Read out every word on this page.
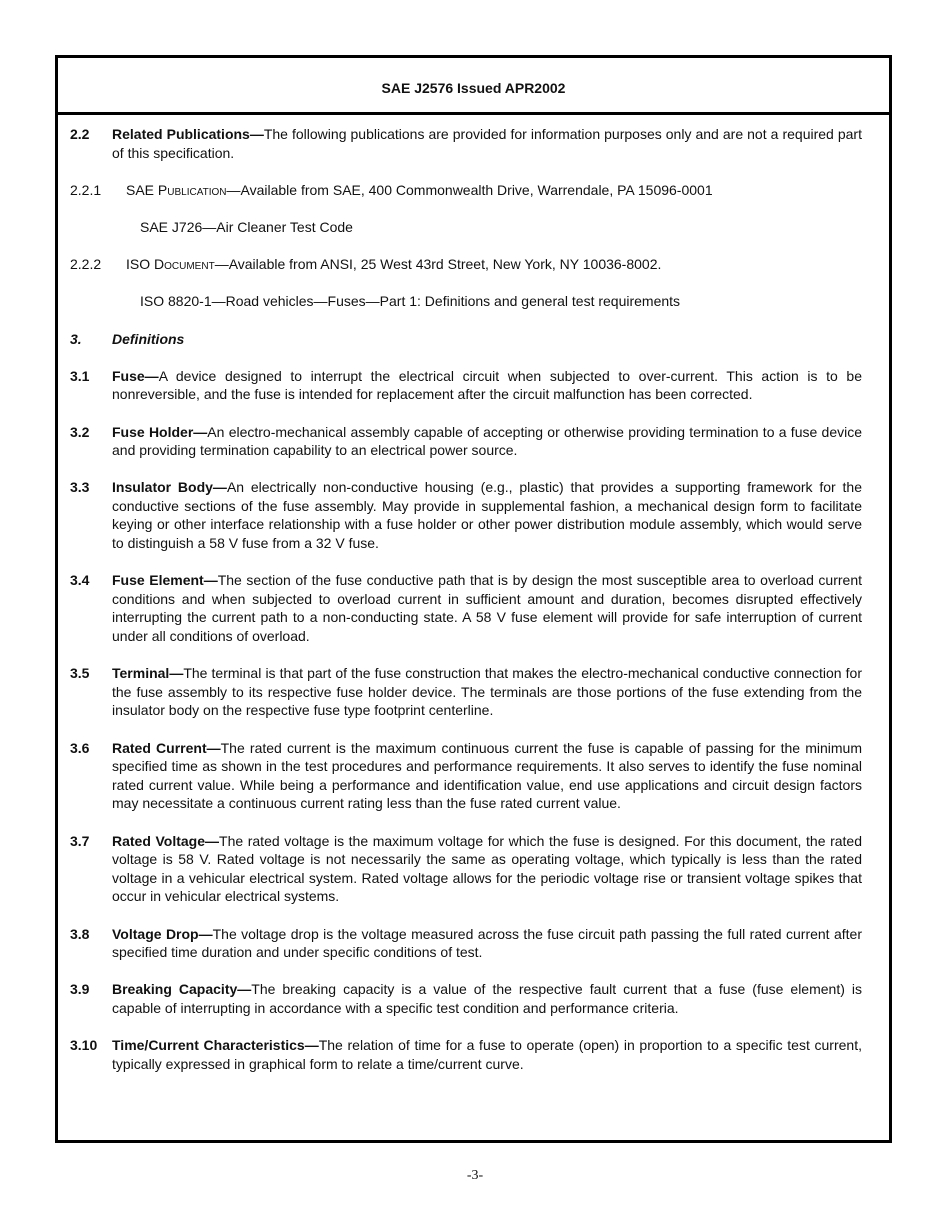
SAE J2576 Issued APR2002
2.2	Related Publications—The following publications are provided for information purposes only and are not a required part of this specification.
2.2.1	SAE Publication—Available from SAE, 400 Commonwealth Drive, Warrendale, PA 15096-0001
SAE J726—Air Cleaner Test Code
2.2.2	ISO Document—Available from ANSI, 25 West 43rd Street, New York, NY 10036-8002.
ISO 8820-1—Road vehicles—Fuses—Part 1: Definitions and general test requirements
3.	Definitions
3.1	Fuse—A device designed to interrupt the electrical circuit when subjected to over-current. This action is to be nonreversible, and the fuse is intended for replacement after the circuit malfunction has been corrected.
3.2	Fuse Holder—An electro-mechanical assembly capable of accepting or otherwise providing termination to a fuse device and providing termination capability to an electrical power source.
3.3	Insulator Body—An electrically non-conductive housing (e.g., plastic) that provides a supporting framework for the conductive sections of the fuse assembly. May provide in supplemental fashion, a mechanical design form to facilitate keying or other interface relationship with a fuse holder or other power distribution module assembly, which would serve to distinguish a 58 V fuse from a 32 V fuse.
3.4	Fuse Element—The section of the fuse conductive path that is by design the most susceptible area to overload current conditions and when subjected to overload current in sufficient amount and duration, becomes disrupted effectively interrupting the current path to a non-conducting state. A 58 V fuse element will provide for safe interruption of current under all conditions of overload.
3.5	Terminal—The terminal is that part of the fuse construction that makes the electro-mechanical conductive connection for the fuse assembly to its respective fuse holder device. The terminals are those portions of the fuse extending from the insulator body on the respective fuse type footprint centerline.
3.6	Rated Current—The rated current is the maximum continuous current the fuse is capable of passing for the minimum specified time as shown in the test procedures and performance requirements. It also serves to identify the fuse nominal rated current value. While being a performance and identification value, end use applications and circuit design factors may necessitate a continuous current rating less than the fuse rated current value.
3.7	Rated Voltage—The rated voltage is the maximum voltage for which the fuse is designed. For this document, the rated voltage is 58 V. Rated voltage is not necessarily the same as operating voltage, which typically is less than the rated voltage in a vehicular electrical system. Rated voltage allows for the periodic voltage rise or transient voltage spikes that occur in vehicular electrical systems.
3.8	Voltage Drop—The voltage drop is the voltage measured across the fuse circuit path passing the full rated current after specified time duration and under specific conditions of test.
3.9	Breaking Capacity—The breaking capacity is a value of the respective fault current that a fuse (fuse element) is capable of interrupting in accordance with a specific test condition and performance criteria.
3.10	Time/Current Characteristics—The relation of time for a fuse to operate (open) in proportion to a specific test current, typically expressed in graphical form to relate a time/current curve.
-3-
